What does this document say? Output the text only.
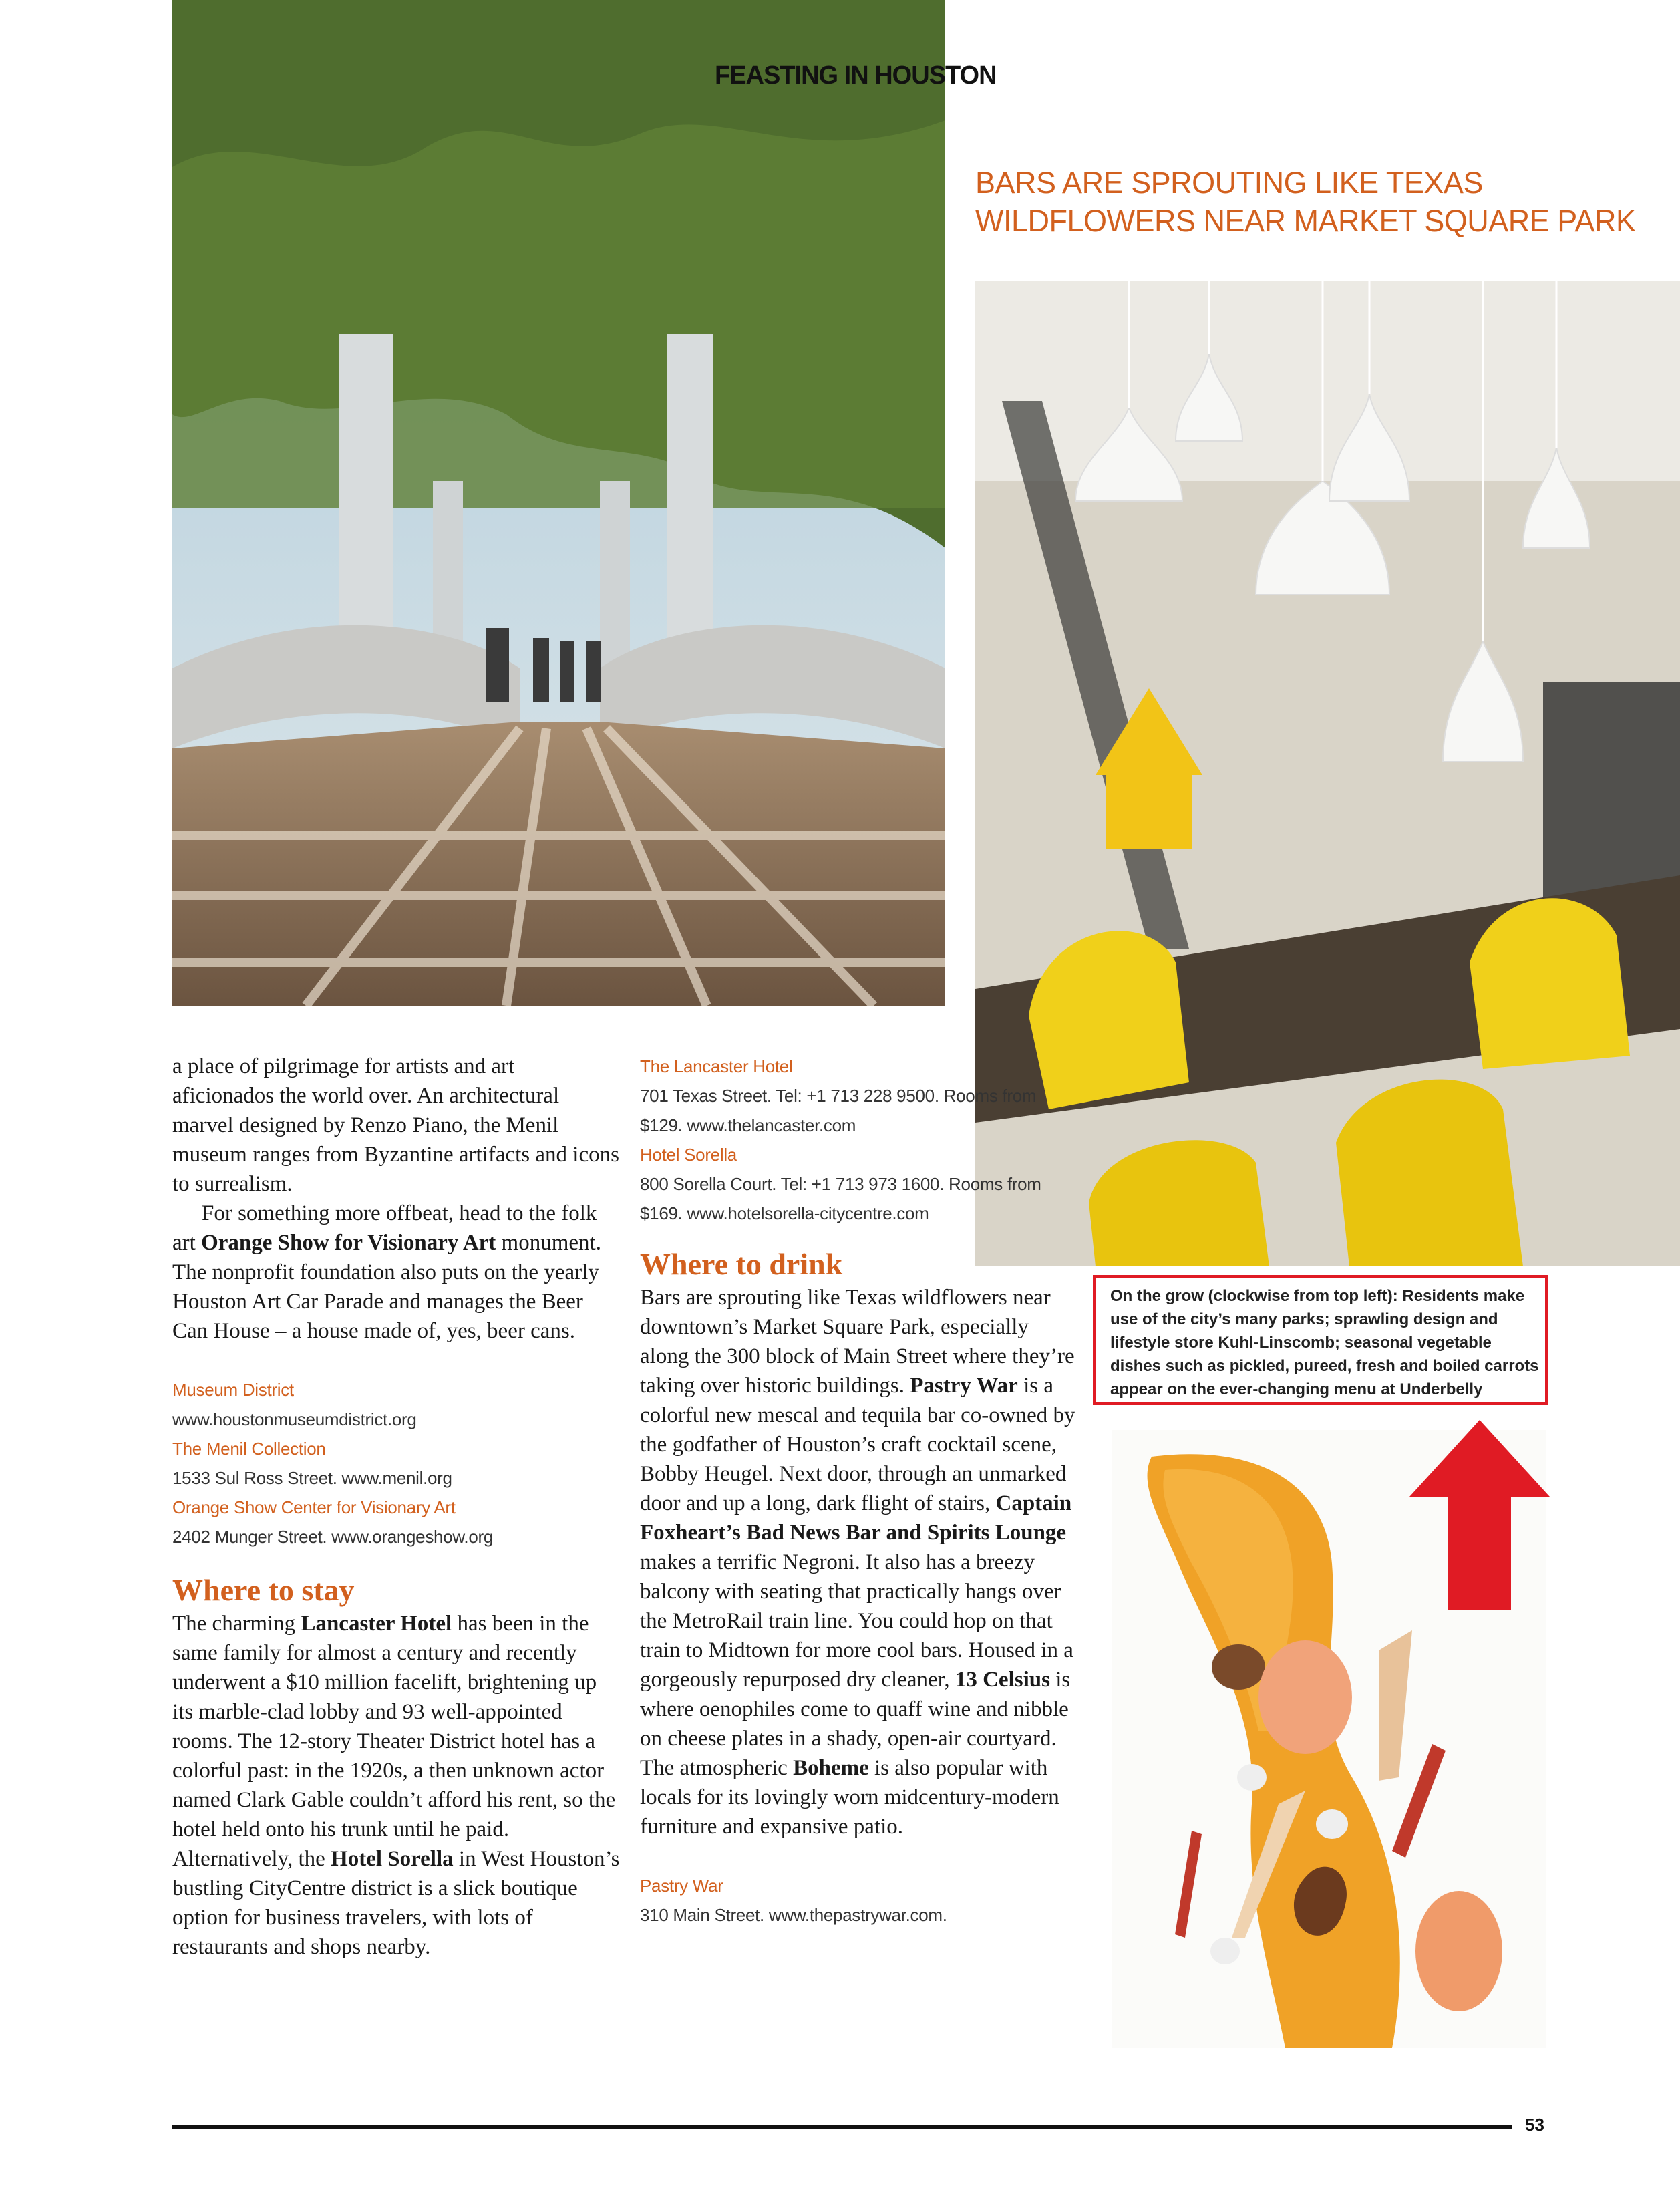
FEASTING IN HOUSTON
BARS ARE SPROUTING LIKE TEXAS WILDFLOWERS NEAR MARKET SQUARE PARK

a place of pilgrimage for artists and art aficionados the world over. An architectural marvel designed by Renzo Piano, the Menil museum ranges from Byzantine artifacts and icons to surrealism.

For something more offbeat, head to the folk art Orange Show for Visionary Art monument. The nonprofit foundation also puts on the yearly Houston Art Car Parade and manages the Beer Can House – a house made of, yes, beer cans.

Museum District
www.houstonmuseumdistrict.org
The Menil Collection
1533 Sul Ross Street. www.menil.org
Orange Show Center for Visionary Art
2402 Munger Street. www.orangeshow.org
Where to stay

The charming Lancaster Hotel has been in the same family for almost a century and recently underwent a $10 million facelift, brightening up its marble-clad lobby and 93 well-appointed rooms. The 12-story Theater District hotel has a colorful past: in the 1920s, a then unknown actor named Clark Gable couldn’t afford his rent, so the hotel held onto his trunk until he paid. Alternatively, the Hotel Sorella in West Houston’s bustling CityCentre district is a slick boutique option for business travelers, with lots of restaurants and shops nearby.

The Lancaster Hotel
701 Texas Street. Tel: +1 713 228 9500. Rooms from $129. www.thelancaster.com
Hotel Sorella
800 Sorella Court. Tel: +1 713 973 1600. Rooms from $169. www.hotelsorella-citycentre.com
Where to drink

Bars are sprouting like Texas wildflowers near downtown’s Market Square Park, especially along the 300 block of Main Street where they’re taking over historic buildings. Pastry War is a colorful new mescal and tequila bar co-owned by the godfather of Houston’s craft cocktail scene, Bobby Heugel. Next door, through an unmarked door and up a long, dark flight of stairs, Captain Foxheart’s Bad News Bar and Spirits Lounge makes a terrific Negroni. It also has a breezy balcony with seating that practically hangs over the MetroRail train line. You could hop on that train to Midtown for more cool bars. Housed in a gorgeously repurposed dry cleaner, 13 Celsius is where oenophiles come to quaff wine and nibble on cheese plates in a shady, open-air courtyard. The atmospheric Boheme is also popular with locals for its lovingly worn midcentury-modern furniture and expansive patio.

Pastry War
310 Main Street. www.thepastrywar.com.
On the grow (clockwise from top left): Residents make use of the city’s many parks; sprawling design and lifestyle store Kuhl-Linscomb; seasonal vegetable dishes such as pickled, pureed, fresh and boiled carrots appear on the ever-changing menu at Underbelly
53
